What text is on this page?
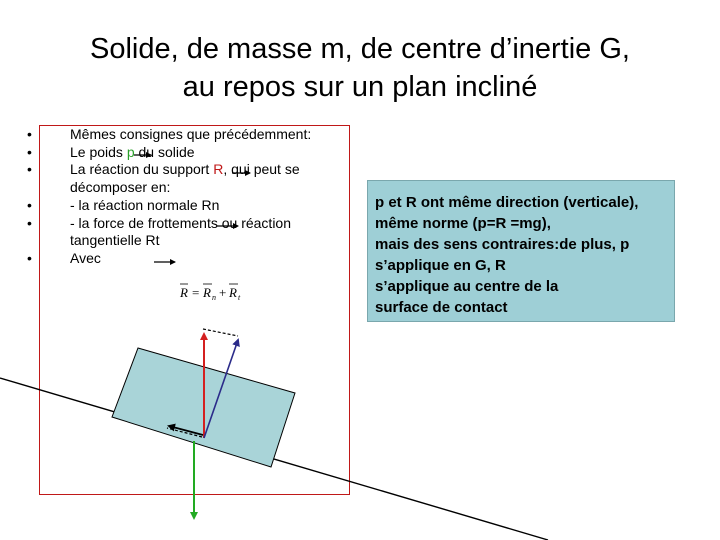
Solide, de masse m, de centre d’inertie G,
au repos sur un plan incliné
•	Mêmes consignes que précédemment:
•	Le poids p du solide
•	La réaction du support R, qui peut se
décomposer en:
•	- la réaction normale Rn
•	- la force de frottements ou réaction
tangentielle Rt
•	Avec
R = R n + R t
p et R ont même direction (verticale),
même norme (p=R =mg),
mais des sens contraires:de plus, p
s’applique en G, R
s’applique au centre de la
surface de contact
